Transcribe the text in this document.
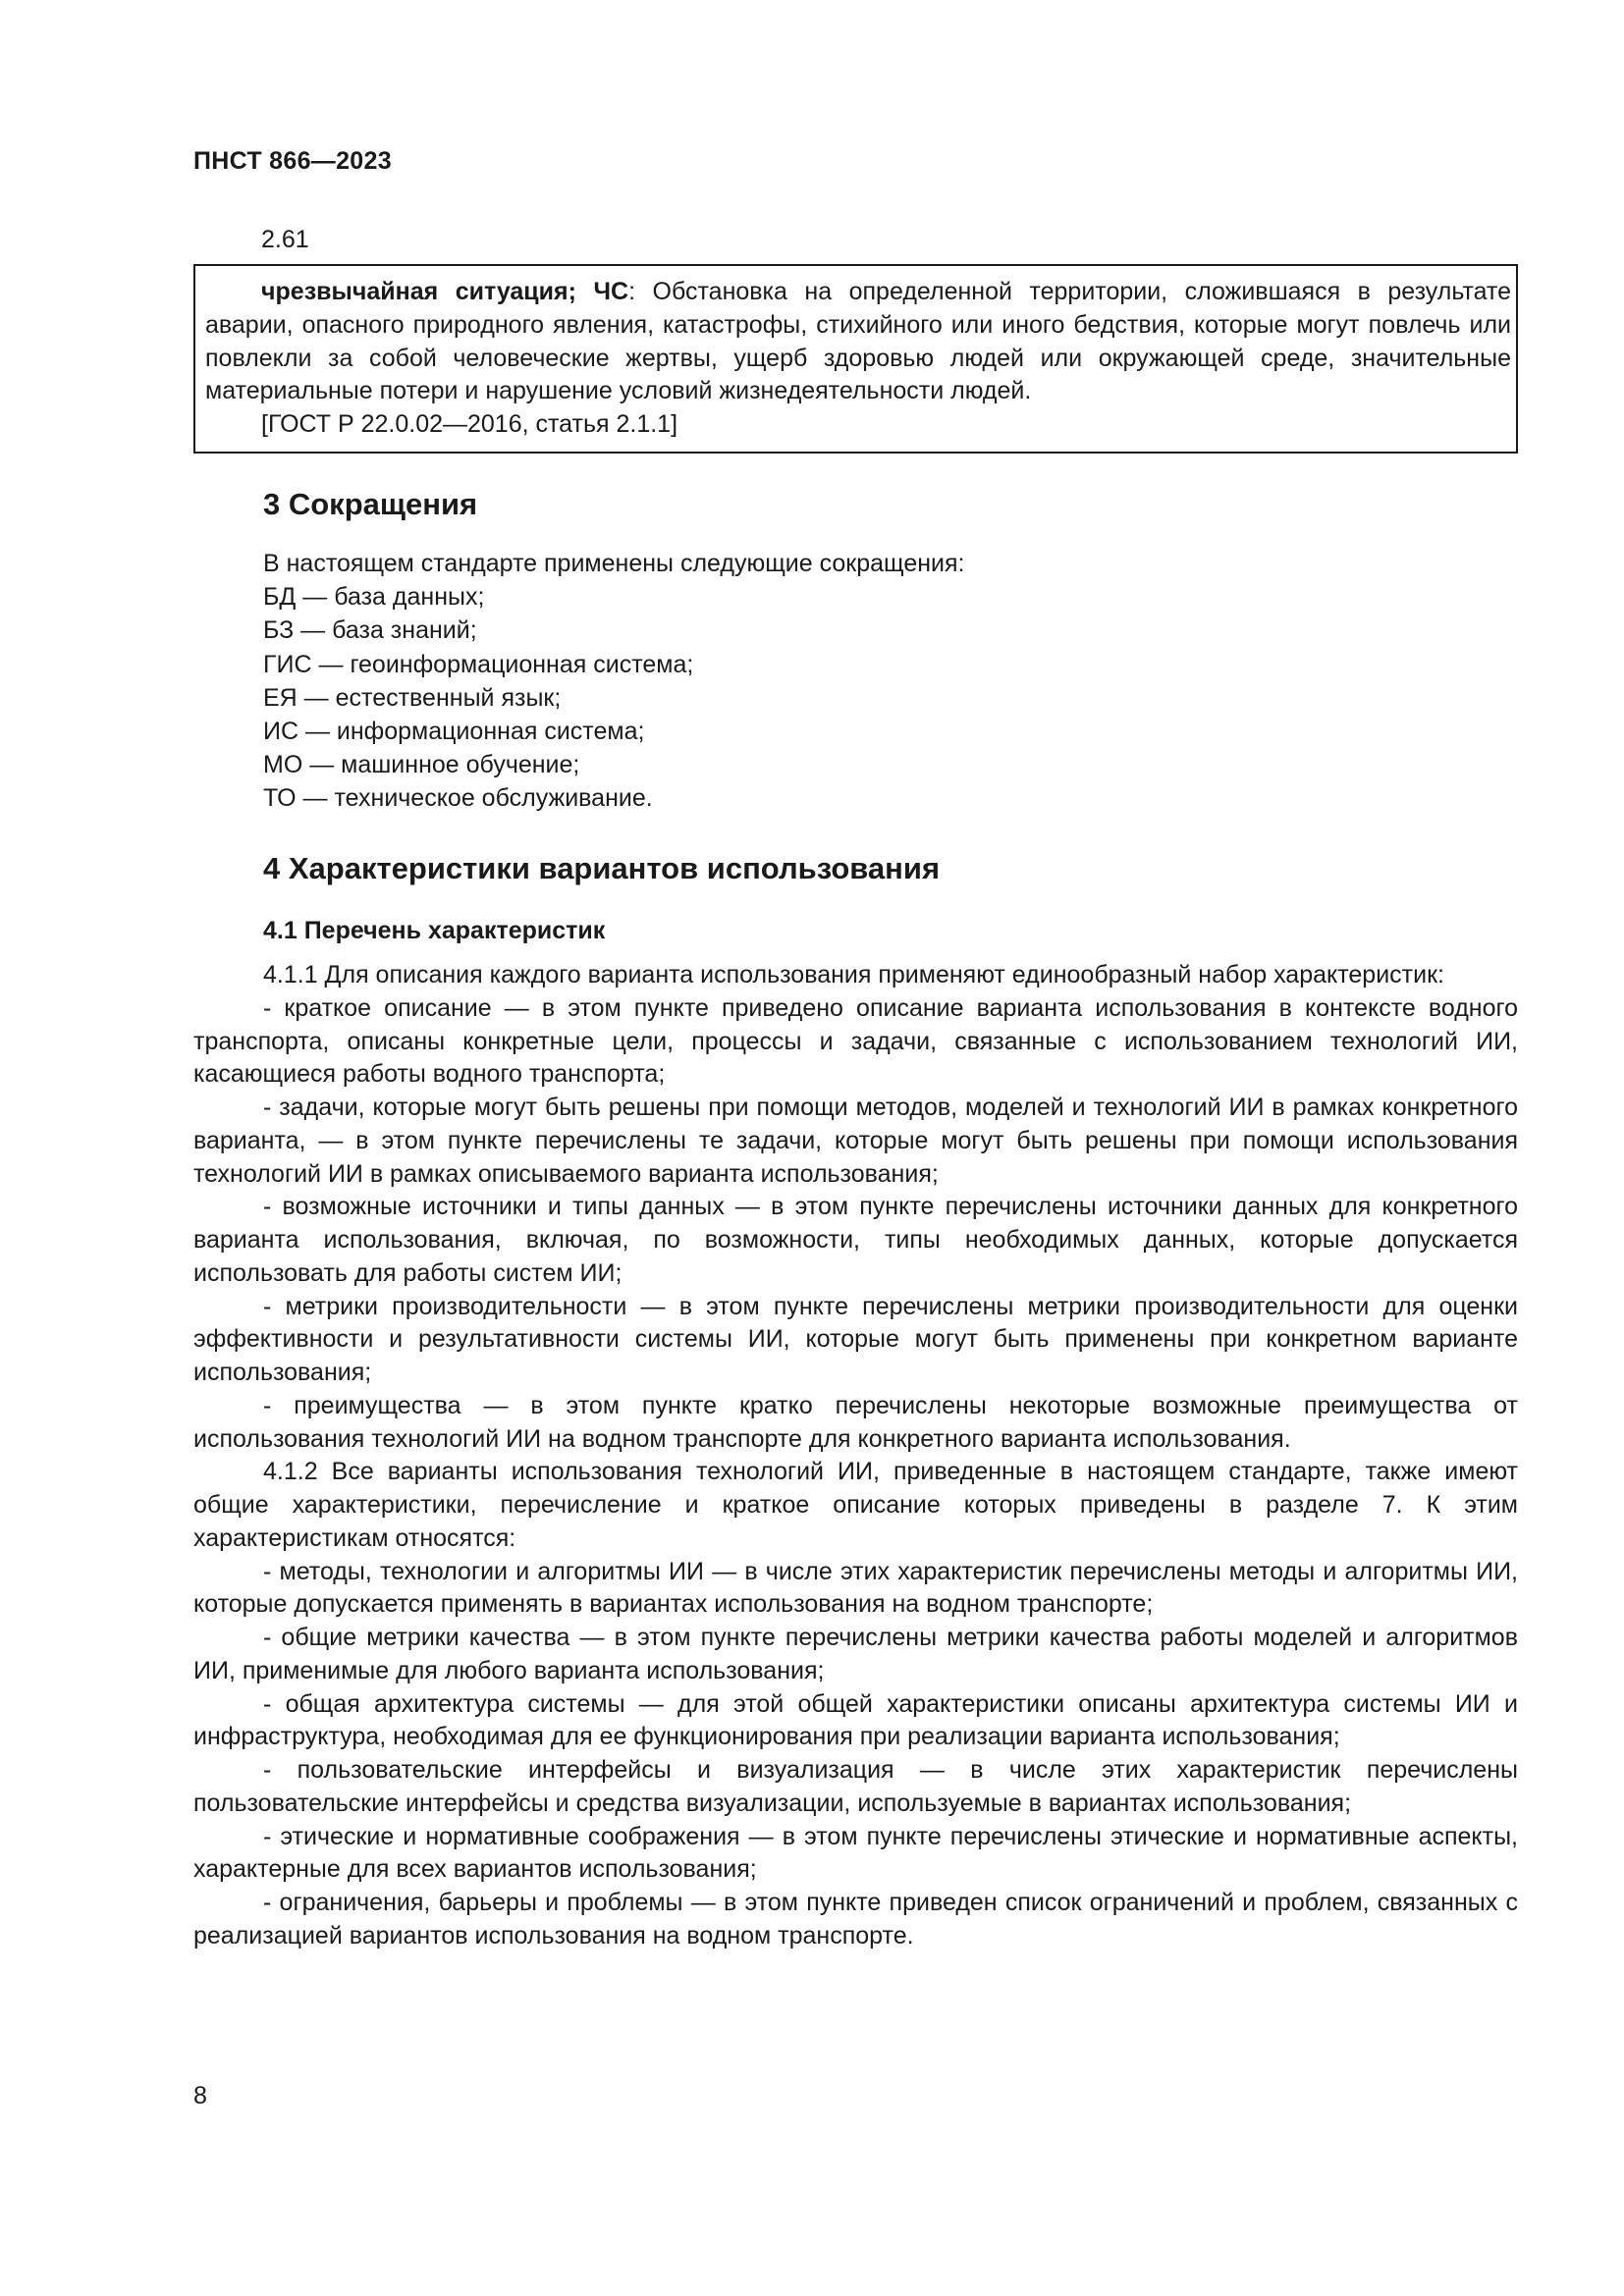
ПНСТ 866—2023
2.61

чрезвычайная ситуация; ЧС: Обстановка на определенной территории, сложившаяся в результате аварии, опасного природного явления, катастрофы, стихийного или иного бедствия, которые могут повлечь или повлекли за собой человеческие жертвы, ущерб здоровью людей или окружающей среде, значительные материальные потери и нарушение условий жизнедеятельности людей.

[ГОСТ Р 22.0.02—2016, статья 2.1.1]
3 Сокращения
В настоящем стандарте применены следующие сокращения:
БД — база данных;
БЗ — база знаний;
ГИС — геоинформационная система;
ЕЯ — естественный язык;
ИС — информационная система;
МО — машинное обучение;
ТО — техническое обслуживание.
4 Характеристики вариантов использования
4.1 Перечень характеристик

4.1.1 Для описания каждого варианта использования применяют единообразный набор характеристик:

- краткое описание — в этом пункте приведено описание варианта использования в контексте водного транспорта, описаны конкретные цели, процессы и задачи, связанные с использованием технологий ИИ, касающиеся работы водного транспорта;

- задачи, которые могут быть решены при помощи методов, моделей и технологий ИИ в рамках конкретного варианта, — в этом пункте перечислены те задачи, которые могут быть решены при помощи использования технологий ИИ в рамках описываемого варианта использования;

- возможные источники и типы данных — в этом пункте перечислены источники данных для конкретного варианта использования, включая, по возможности, типы необходимых данных, которые допускается использовать для работы систем ИИ;

- метрики производительности — в этом пункте перечислены метрики производительности для оценки эффективности и результативности системы ИИ, которые могут быть применены при конкретном варианте использования;

- преимущества — в этом пункте кратко перечислены некоторые возможные преимущества от использования технологий ИИ на водном транспорте для конкретного варианта использования.

4.1.2 Все варианты использования технологий ИИ, приведенные в настоящем стандарте, также имеют общие характеристики, перечисление и краткое описание которых приведены в разделе 7. К этим характеристикам относятся:

- методы, технологии и алгоритмы ИИ — в числе этих характеристик перечислены методы и алгоритмы ИИ, которые допускается применять в вариантах использования на водном транспорте;

- общие метрики качества — в этом пункте перечислены метрики качества работы моделей и алгоритмов ИИ, применимые для любого варианта использования;

- общая архитектура системы — для этой общей характеристики описаны архитектура системы ИИ и инфраструктура, необходимая для ее функционирования при реализации варианта использования;

- пользовательские интерфейсы и визуализация — в числе этих характеристик перечислены пользовательские интерфейсы и средства визуализации, используемые в вариантах использования;

- этические и нормативные соображения — в этом пункте перечислены этические и нормативные аспекты, характерные для всех вариантов использования;

- ограничения, барьеры и проблемы — в этом пункте приведен список ограничений и проблем, связанных с реализацией вариантов использования на водном транспорте.

8
